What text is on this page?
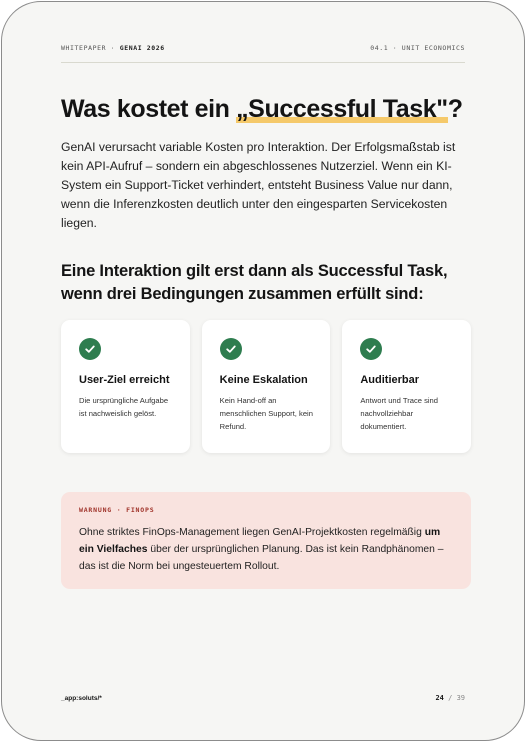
WHITEPAPER · GENAI 2026	04.1 · UNIT ECONOMICS
Was kostet ein „Successful Task"?

GenAI verursacht variable Kosten pro Interaktion. Der Erfolgsmaßstab ist kein API-Aufruf – sondern ein abgeschlossenes Nutzerziel. Wenn ein KI-System ein Support-Ticket verhindert, entsteht Business Value nur dann, wenn die Inferenzkosten deutlich unter den eingesparten Servicekosten liegen.

Eine Interaktion gilt erst dann als Successful Task, wenn drei Bedingungen zusammen erfüllt sind:
User-Ziel erreicht
Die ursprüngliche Aufgabe ist nachweislich gelöst.
Keine Eskalation
Kein Hand-off an menschlichen Support, kein Refund.
Auditierbar
Antwort und Trace sind nachvollziehbar dokumentiert.
WARNUNG · FINOPS
Ohne striktes FinOps-Management liegen GenAI-Projektkosten regelmäßig um ein Vielfaches über der ursprünglichen Planung. Das ist kein Randphänomen – das ist die Norm bei ungesteuertem Rollout.
_app:soluts/*	24 / 39
